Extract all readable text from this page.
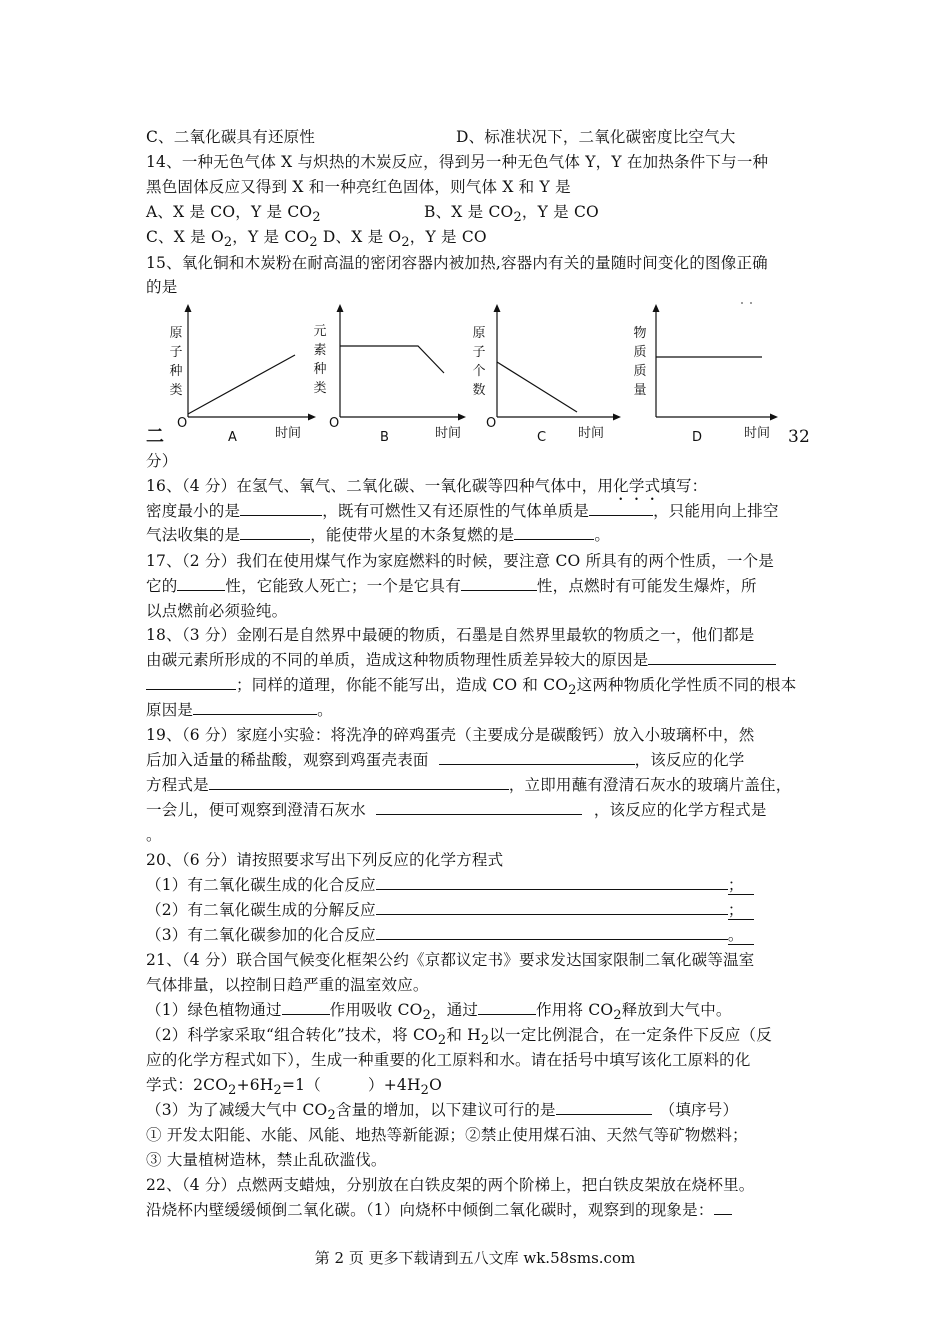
C、二氧化碳具有还原性	D、标准状况下，二氧化碳密度比空气大
14、一种无色气体 X 与炽热的木炭反应，得到另一种无色气体 Y，Y 在加热条件下与一种
黑色固体反应又得到 X 和一种亮红色固体，则气体 X 和 Y 是
A、X 是 CO，Y 是 $CO_2$	B、X 是 $CO_2$，Y 是 CO
C、X 是 $O_2$，Y 是 $CO_2$ D、X 是 $O_2$，Y 是 CO
15、氧化铜和木炭粉在耐高温的密闭容器内被加热,容器内有关的量随时间变化的图像正确
的是
原
子
种
类
O
时间
A
元
素
种
类
O
时间
B
原
子
个
数
O
时间
C
物
质
质
量
时间
D
二	32
分）
16、（4 分）在氢气、氧气、二氧化碳、一氧化碳等四种气体中，用化学式填写：
密度最小的是	，既有可燃性又有还原性的气体单质是	，只能用向上排空
气法收集的是	，能使带火星的木条复燃的是	。
17、（2 分）我们在使用煤气作为家庭燃料的时候，要注意 CO 所具有的两个性质，一个是
它的	性，它能致人死亡；一个是它具有	性，点燃时有可能发生爆炸，所
以点燃前必须验纯。
18、（3 分）金刚石是自然界中最硬的物质，石墨是自然界里最软的物质之一，他们都是
由碳元素所形成的不同的单质，造成这种物质物理性质差异较大的原因是
；同样的道理，你能不能写出，造成 CO 和 $CO_2$这两种物质化学性质不同的根本
原因是	。
19、（6 分）家庭小实验：将洗净的碎鸡蛋壳（主要成分是碳酸钙）放入小玻璃杯中，然
后加入适量的稀盐酸，观察到鸡蛋壳表面	，该反应的化学
方程式是	，立即用蘸有澄清石灰水的玻璃片盖住，
一会儿，便可观察到澄清石灰水	，该反应的化学方程式是
。
20、（6 分）请按照要求写出下列反应的化学方程式
（1）有二氧化碳生成的化合反应	；
（2）有二氧化碳生成的分解反应	；
（3）有二氧化碳参加的化合反应	。
21、（4 分）联合国气候变化框架公约《京都议定书》要求发达国家限制二氧化碳等温室
气体排量，以控制日趋严重的温室效应。
（1）绿色植物通过	作用吸收 $CO_2$，通过	作用将 $CO_2$释放到大气中。
（2）科学家采取“组合转化”技术，将 $CO_2$和 $H_2$以一定比例混合，在一定条件下反应（反
应的化学方程式如下），生成一种重要的化工原料和水。请在括号中填写该化工原料的化
学式：$2CO_2+6H_2=1$（　　　）$+4H_2O$
（3）为了减缓大气中 $CO_2$含量的增加，以下建议可行的是	　（填序号）
① 开发太阳能、水能、风能、地热等新能源；②禁止使用煤石油、天然气等矿物燃料；
③ 大量植树造林，禁止乱砍滥伐。
22、（4 分）点燃两支蜡烛，分别放在白铁皮架的两个阶梯上，把白铁皮架放在烧杯里。
沿烧杯内壁缓缓倾倒二氧化碳。（1）向烧杯中倾倒二氧化碳时，观察到的现象是：
第 2 页 更多下载请到五八文库 wk.58sms.com
